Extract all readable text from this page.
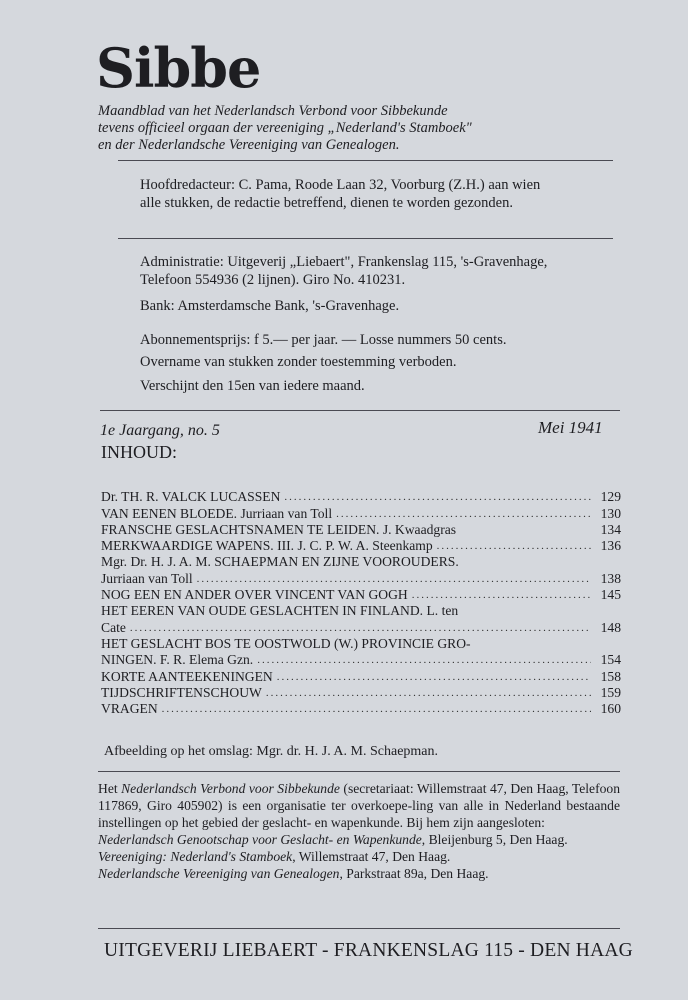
Sibbe
Maandblad van het Nederlandsch Verbond voor Sibbekunde
tevens officieel orgaan der vereeniging „Nederland's Stamboek"
en der Nederlandsche Vereeniging van Genealogen.
Hoofdredacteur: C. Pama, Roode Laan 32, Voorburg (Z.H.) aan wien
alle stukken, de redactie betreffend, dienen te worden gezonden.
Administratie: Uitgeverij „Liebaert", Frankenslag 115, 's-Gravenhage,
Telefoon 554936 (2 lijnen). Giro No. 410231.
Bank: Amsterdamsche Bank, 's-Gravenhage.
Abonnementsprijs: f 5.— per jaar. — Losse nummers 50 cents.
Overname van stukken zonder toestemming verboden.
Verschijnt den 15en van iedere maand.
1e Jaargang, no. 5	Mei 1941
INHOUD:
Dr. TH. R. VALCK LUCASSEN .....	129
VAN EENEN BLOEDE. Jurriaan van Toll .....	130
FRANSCHE GESLACHTSNAMEN TE LEIDEN. J. Kwaadgras	134
MERKWAARDIGE WAPENS. III. J. C. P. W. A. Steenkamp .....	136
Mgr. Dr. H. J. A. M. SCHAEPMAN EN ZIJNE VOOROUDERS.
Jurriaan van Toll .....	138
NOG EEN EN ANDER OVER VINCENT VAN GOGH .....	145
HET EEREN VAN OUDE GESLACHTEN IN FINLAND. L. ten
Cate .....	148
HET GESLACHT BOS TE OOSTWOLD (W.) PROVINCIE GRO-
NINGEN. F. R. Elema Gzn. .....	154
KORTE AANTEEKENINGEN .....	158
TIJDSCHRIFTENSCHOUW .....	159
VRAGEN .....	160
Afbeelding op het omslag: Mgr. dr. H. J. A. M. Schaepman.
Het Nederlandsch Verbond voor Sibbekunde (secretariaat: Willemstraat 47, Den Haag, Telefoon 117869, Giro 405902) is een organisatie ter overkoepe-ling van alle in Nederland bestaande instellingen op het gebied der geslacht- en wapenkunde. Bij hem zijn aangesloten:
Nederlandsch Genootschap voor Geslacht- en Wapenkunde, Bleijenburg 5, Den Haag.
Vereeniging: Nederland's Stamboek, Willemstraat 47, Den Haag.
Nederlandsche Vereeniging van Genealogen, Parkstraat 89a, Den Haag.
UITGEVERIJ LIEBAERT - FRANKENSLAG 115 - DEN HAAG
